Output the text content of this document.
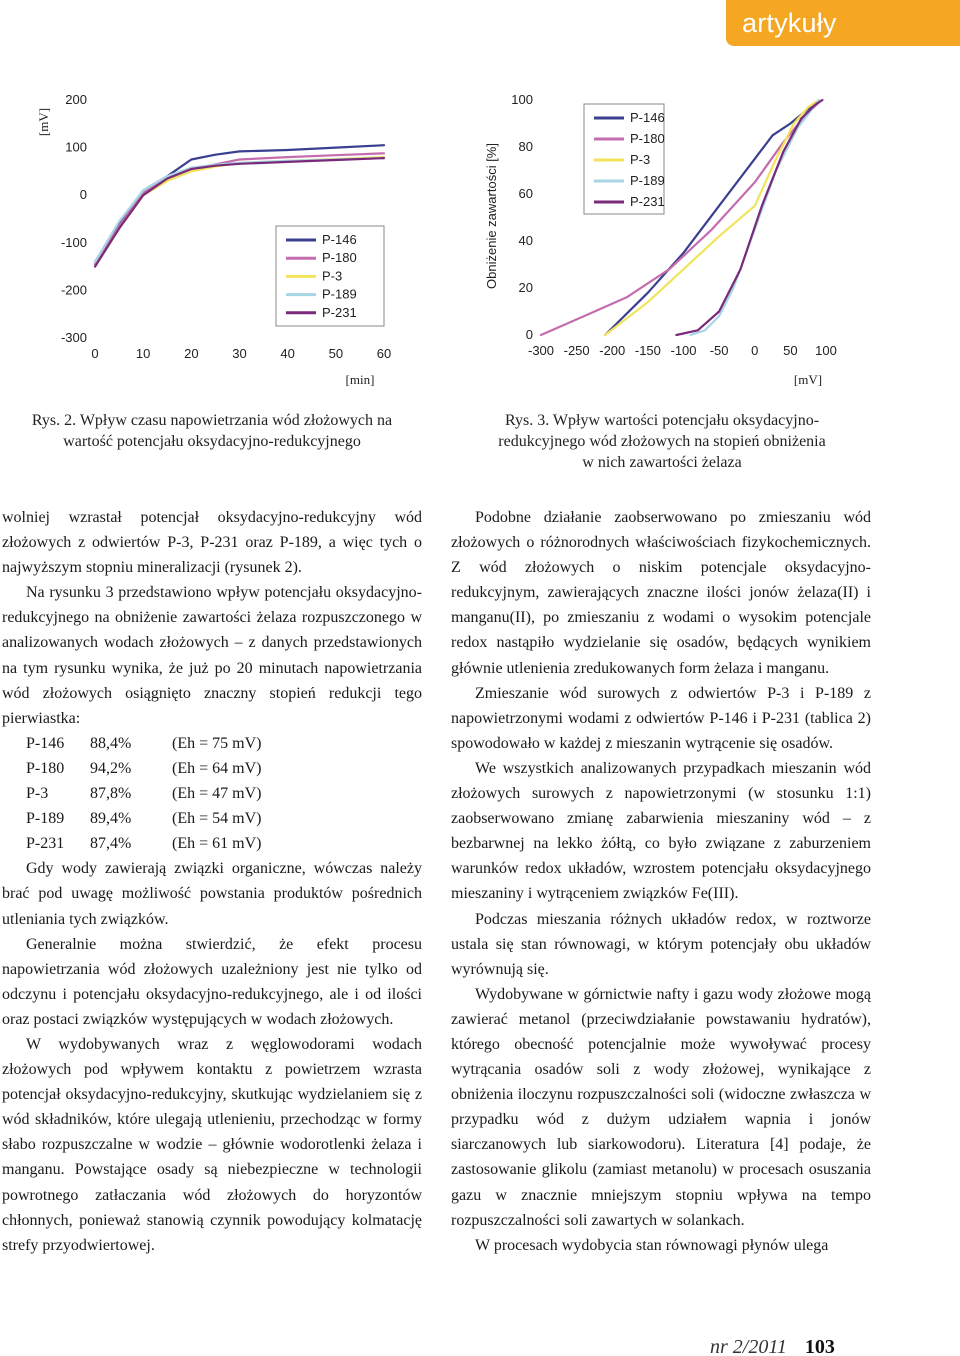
artykuły
200
100
0
-100
-200
-300
0	10	20	30	40	50	60
[min]
[mV]
P-146
P-180
P-3
P-189
P-231
Rys. 2. Wpływ czasu napowietrzania wód złożowych na
wartość potencjału oksydacyjno-redukcyjnego
100
80
60
40
20
0
-300 -250 -200 -150 -100 -50 0 50 100
[mV]
Obniżenie zawartości [%]
P-146
P-180
P-3
P-189
P-231
Rys. 3. Wpływ wartości potencjału oksydacyjno-
redukcyjnego wód złożowych na stopień obniżenia
w nich zawartości żelaza

wolniej wzrastał potencjał oksydacyjno-redukcyjny wód złożowych z odwiertów P-3, P-231 oraz P-189, a więc tych o najwyższym stopniu mineralizacji (rysunek 2).

Na rysunku 3 przedstawiono wpływ potencjału oksydacyjno-redukcyjnego na obniżenie zawartości żelaza rozpuszczonego w analizowanych wodach złożowych – z danych przedstawionych na tym rysunku wynika, że już po 20 minutach napowietrzania wód złożowych osiągnięto znaczny stopień redukcji tego pierwiastka:

P-146	88,4%	(Eh = 75 mV)
P-180	94,2%	(Eh = 64 mV)
P-3	87,8%	(Eh = 47 mV)
P-189	89,4%	(Eh = 54 mV)
P-231	87,4%	(Eh = 61 mV)

Gdy wody zawierają związki organiczne, wówczas należy brać pod uwagę możliwość powstania produktów pośrednich utleniania tych związków.

Generalnie można stwierdzić, że efekt procesu napowietrzania wód złożowych uzależniony jest nie tylko od odczynu i potencjału oksydacyjno-redukcyjnego, ale i od ilości oraz postaci związków występujących w wodach złożowych.

W wydobywanych wraz z węglowodorami wodach złożowych pod wpływem kontaktu z powietrzem wzrasta potencjał oksydacyjno-redukcyjny, skutkując wydzielaniem się z wód składników, które ulegają utlenieniu, przechodząc w formy słabo rozpuszczalne w wodzie – głównie wodorotlenki żelaza i manganu. Powstające osady są niebezpieczne w technologii powrotnego zatłaczania wód złożowych do horyzontów chłonnych, ponieważ stanowią czynnik powodujący kolmatację strefy przyodwiertowej.

Podobne działanie zaobserwowano po zmieszaniu wód złożowych o różnorodnych właściwościach fizykochemicznych. Z wód złożowych o niskim potencjale oksydacyjno-redukcyjnym, zawierających znaczne ilości jonów żelaza(II) i manganu(II), po zmieszaniu z wodami o wysokim potencjale redox nastąpiło wydzielanie się osadów, będących wynikiem głównie utlenienia zredukowanych form żelaza i manganu.

Zmieszanie wód surowych z odwiertów P-3 i P-189 z napowietrzonymi wodami z odwiertów P-146 i P-231 (tablica 2) spowodowało w każdej z mieszanin wytrącenie się osadów.

We wszystkich analizowanych przypadkach mieszanin wód złożowych surowych z napowietrzonymi (w stosunku 1:1) zaobserwowano zmianę zabarwienia mieszaniny wód – z bezbarwnej na lekko żółtą, co było związane z zaburzeniem warunków redox układów, wzrostem potencjału oksydacyjnego mieszaniny i wytrąceniem związków Fe(III).

Podczas mieszania różnych układów redox, w roztworze ustala się stan równowagi, w którym potencjały obu układów wyrównują się.

Wydobywane w górnictwie nafty i gazu wody złożowe mogą zawierać metanol (przeciwdziałanie powstawaniu hydratów), którego obecność potencjalnie może wywoływać procesy wytrącania osadów soli z wody złożowej, wynikające z obniżenia iloczynu rozpuszczalności soli (widoczne zwłaszcza w przypadku wód z dużym udziałem wapnia i jonów siarczanowych lub siarkowodoru). Literatura [4] podaje, że zastosowanie glikolu (zamiast metanolu) w procesach osuszania gazu w znacznie mniejszym stopniu wpływa na tempo rozpuszczalności soli zawartych w solankach.

W procesach wydobycia stan równowagi płynów ulega

nr 2/2011 103
